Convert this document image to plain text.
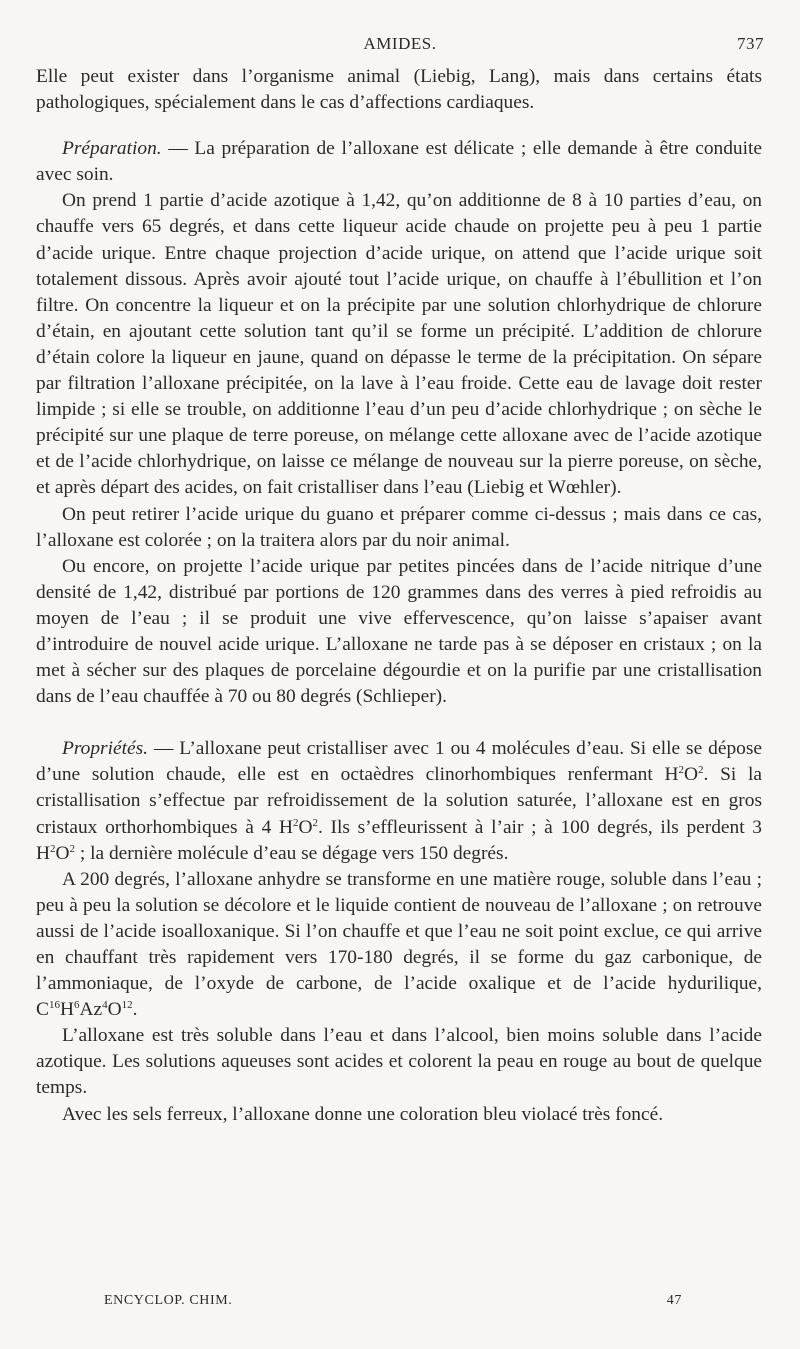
AMIDES.	737

Elle peut exister dans l’organisme animal (Liebig, Lang), mais dans certains états pathologiques, spécialement dans le cas d’affections cardiaques.

Préparation. — La préparation de l’alloxane est délicate ; elle demande à être conduite avec soin.

On prend 1 partie d’acide azotique à 1,42, qu’on additionne de 8 à 10 parties d’eau, on chauffe vers 65 degrés, et dans cette liqueur acide chaude on projette peu à peu 1 partie d’acide urique. Entre chaque projection d’acide urique, on attend que l’acide urique soit totalement dissous. Après avoir ajouté tout l’acide urique, on chauffe à l’ébullition et l’on filtre. On concentre la liqueur et on la précipite par une solution chlorhydrique de chlorure d’étain, en ajoutant cette solution tant qu’il se forme un précipité. L’addition de chlorure d’étain colore la liqueur en jaune, quand on dépasse le terme de la précipitation. On sépare par filtration l’alloxane précipitée, on la lave à l’eau froide. Cette eau de lavage doit rester limpide ; si elle se trouble, on additionne l’eau d’un peu d’acide chlorhydrique ; on sèche le précipité sur une plaque de terre poreuse, on mélange cette alloxane avec de l’acide azotique et de l’acide chlorhydrique, on laisse ce mélange de nouveau sur la pierre poreuse, on sèche, et après départ des acides, on fait cristalliser dans l’eau (Liebig et Wœhler).

On peut retirer l’acide urique du guano et préparer comme ci-dessus ; mais dans ce cas, l’alloxane est colorée ; on la traitera alors par du noir animal.

Ou encore, on projette l’acide urique par petites pincées dans de l’acide nitrique d’une densité de 1,42, distribué par portions de 120 grammes dans des verres à pied refroidis au moyen de l’eau ; il se produit une vive effervescence, qu’on laisse s’apaiser avant d’introduire de nouvel acide urique. L’alloxane ne tarde pas à se déposer en cristaux ; on la met à sécher sur des plaques de porcelaine dégourdie et on la purifie par une cristallisation dans de l’eau chauffée à 70 ou 80 degrés (Schlieper).

Propriétés. — L’alloxane peut cristalliser avec 1 ou 4 molécules d’eau. Si elle se dépose d’une solution chaude, elle est en octaèdres clinorhombiques renfermant $H^2O^2$. Si la cristallisation s’effectue par refroidissement de la solution saturée, l’alloxane est en gros cristaux orthorhombiques à 4 $H^2O^2$. Ils s’effleurissent à l’air ; à 100 degrés, ils perdent 3 $H^2O^2$ ; la dernière molécule d’eau se dégage vers 150 degrés.

A 200 degrés, l’alloxane anhydre se transforme en une matière rouge, soluble dans l’eau ; peu à peu la solution se décolore et le liquide contient de nouveau de l’alloxane ; on retrouve aussi de l’acide isoalloxanique. Si l’on chauffe et que l’eau ne soit point exclue, ce qui arrive en chauffant très rapidement vers 170-180 degrés, il se forme du gaz carbonique, de l’ammoniaque, de l’oxyde de carbone, de l’acide oxalique et de l’acide hydurilique, $C^{16}H^6Az^4O^{12}$.

L’alloxane est très soluble dans l’eau et dans l’alcool, bien moins soluble dans l’acide azotique. Les solutions aqueuses sont acides et colorent la peau en rouge au bout de quelque temps.

Avec les sels ferreux, l’alloxane donne une coloration bleu violacé très foncé.

ENCYCLOP. CHIM.	47
